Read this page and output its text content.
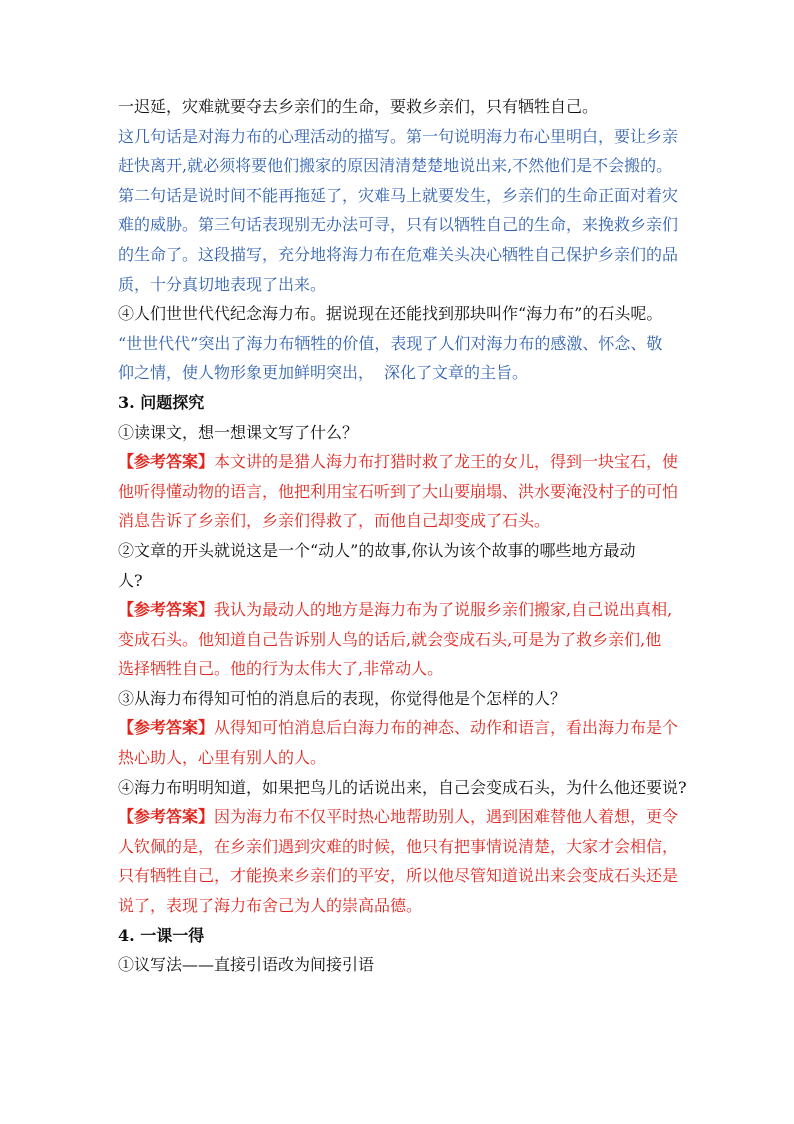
一迟延，灾难就要夺去乡亲们的生命，要救乡亲们，只有牺牲自己。

这几句话是对海力布的心理活动的描写。第一句说明海力布心里明白，要让乡亲

赶快离开,就必须将要他们搬家的原因清清楚楚地说出来,不然他们是不会搬的。

第二句话是说时间不能再拖延了，灾难马上就要发生，乡亲们的生命正面对着灾

难的威胁。第三句话表现别无办法可寻，只有以牺牲自己的生命，来挽救乡亲们

的生命了。这段描写，充分地将海力布在危难关头决心牺牲自己保护乡亲们的品

质，十分真切地表现了出来。

④人们世世代代纪念海力布。据说现在还能找到那块叫作“海力布”的石头呢。

“世世代代”突出了海力布牺牲的价值，表现了人们对海力布的感激、怀念、敬

仰之情，使人物形象更加鲜明突出， 深化了文章的主旨。

3. 问题探究

①读课文，想一想课文写了什么？

【参考答案】本文讲的是猎人海力布打猎时救了龙王的女儿，得到一块宝石，使

他听得懂动物的语言，他把利用宝石听到了大山要崩塌、洪水要淹没村子的可怕

消息告诉了乡亲们，乡亲们得救了，而他自己却变成了石头。

②文章的开头就说这是一个“动人”的故事,你认为该个故事的哪些地方最动

人?

【参考答案】我认为最动人的地方是海力布为了说服乡亲们搬家,自己说出真相,

变成石头。他知道自己告诉别人鸟的话后,就会变成石头,可是为了救乡亲们,他

选择牺牲自己。他的行为太伟大了,非常动人。

③从海力布得知可怕的消息后的表现，你觉得他是个怎样的人？

【参考答案】从得知可怕消息后白海力布的神态、动作和语言，看出海力布是个

热心助人，心里有别人的人。

④海力布明明知道，如果把鸟儿的话说出来，自己会变成石头，为什么他还要说?

【参考答案】因为海力布不仅平时热心地帮助别人，遇到困难替他人着想，更令

人钦佩的是，在乡亲们遇到灾难的时候，他只有把事情说清楚，大家才会相信，

只有牺牲自己，才能换来乡亲们的平安，所以他尽管知道说出来会变成石头还是

说了，表现了海力布舍己为人的崇高品德。

4. 一课一得

①议写法——直接引语改为间接引语
